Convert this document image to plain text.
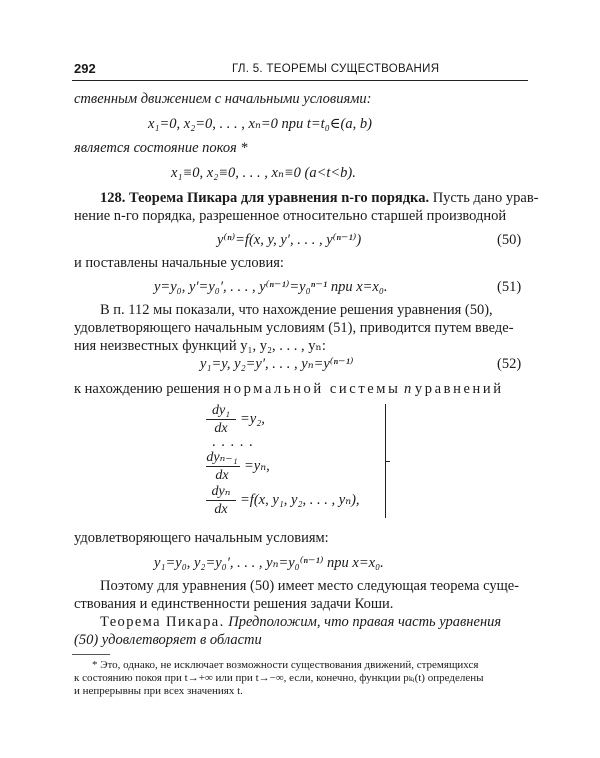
292	ГЛ. 5. ТЕОРЕМЫ СУЩЕСТВОВАНИЯ
ственным движением с начальными условиями:
x₁=0, x₂=0, . . . , xₙ=0 при t=t₀∈(a, b)
является состояние покоя *
x₁≡0, x₂≡0, . . . , xₙ≡0 (a<t<b).
128. Теорема Пикара для уравнения n-го порядка. Пусть дано урав-
нение n-го порядка, разрешенное относительно старшей производной
y⁽ⁿ⁾=f(x, y, y′, . . . , y⁽ⁿ⁻¹⁾)	(50)
и поставлены начальные условия:
y=y₀, y′=y₀′, . . . , y⁽ⁿ⁻¹⁾=y₀ⁿ⁻¹ при x=x₀.	(51)
В п. 112 мы показали, что нахождение решения уравнения (50),
удовлетворяющего начальным условиям (51), приводится путем введе-
ния неизвестных функций y₁, y₂, . . . , yₙ:
y₁=y, y₂=y′, . . . , yₙ=y⁽ⁿ⁻¹⁾	(52)
к нахождению решения нормальной системы n уравнений
dy₁
dx
=y₂,
. . . . .
dyₙ₋₁
dx
=yₙ,
dyₙ
dx
=f(x, y₁, y₂, . . . , yₙ),
удовлетворяющего начальным условиям:
y₁=y₀, y₂=y₀′, . . . , yₙ=y₀⁽ⁿ⁻¹⁾ при x=x₀.
Поэтому для уравнения (50) имеет место следующая теорема суще-
ствования и единственности решения задачи Коши.
Теорема Пикара. Предположим, что правая часть уравнения
(50) удовлетворяет в области
* Это, однако, не исключает возможности существования движений, стремящихся
к состоянию покоя при t→+∞ или при t→−∞, если, конечно, функции pₖᵢ(t) определены
и непрерывны при всех значениях t.
